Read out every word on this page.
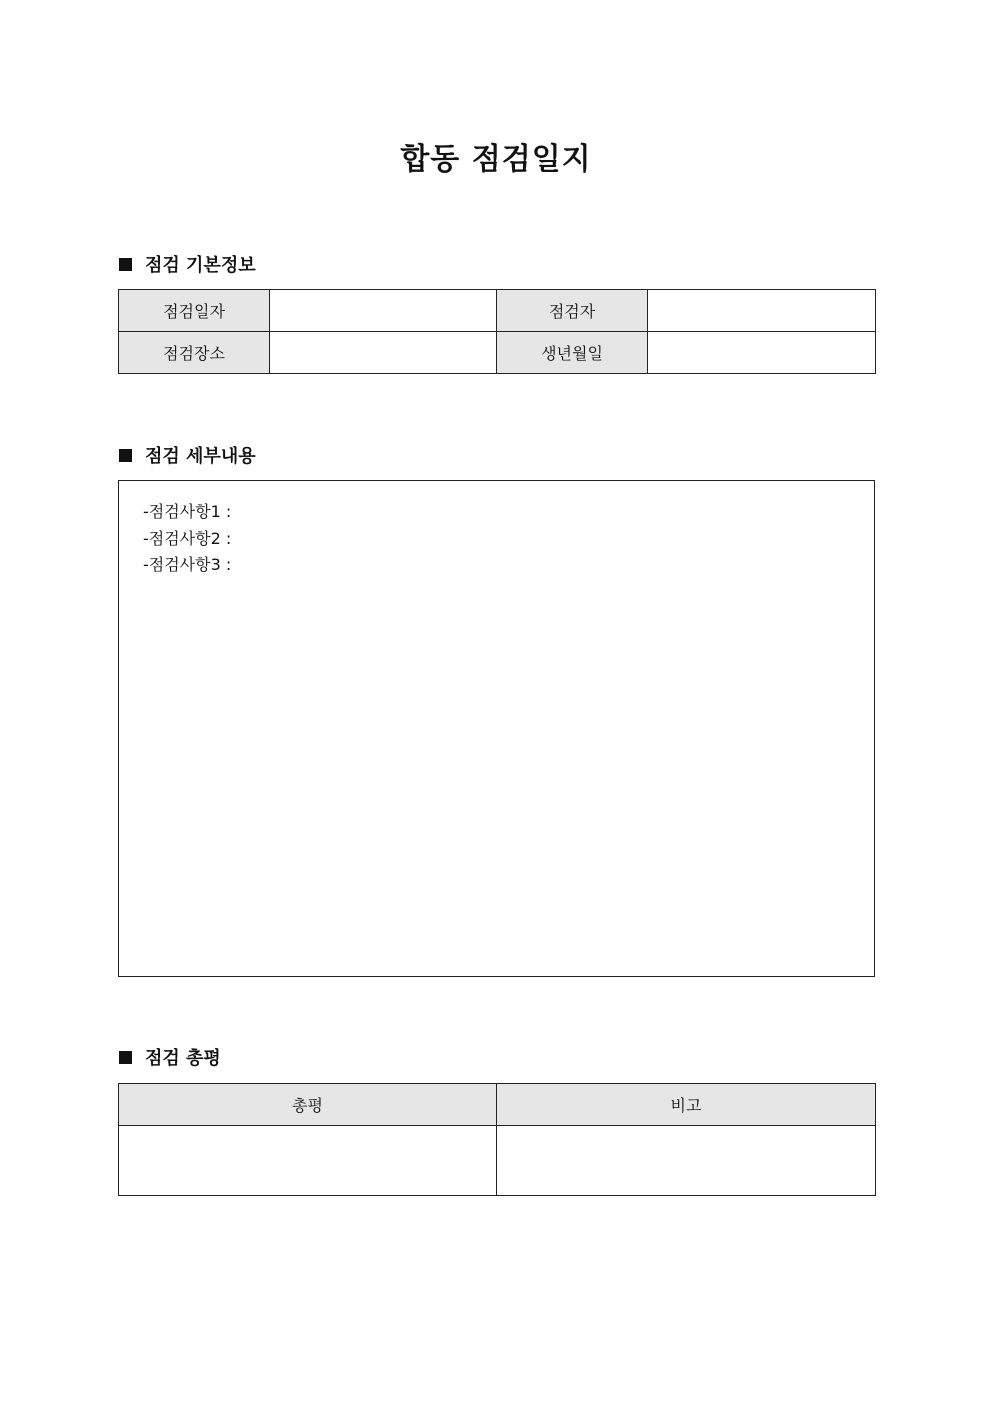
합동 점검일지
점검 기본정보
점검일자		점검자	
점검장소		생년월일	
점검 세부내용
-점검사항1 :
-점검사항2 :
-점검사항3 :
점검 총평
총평	비고
